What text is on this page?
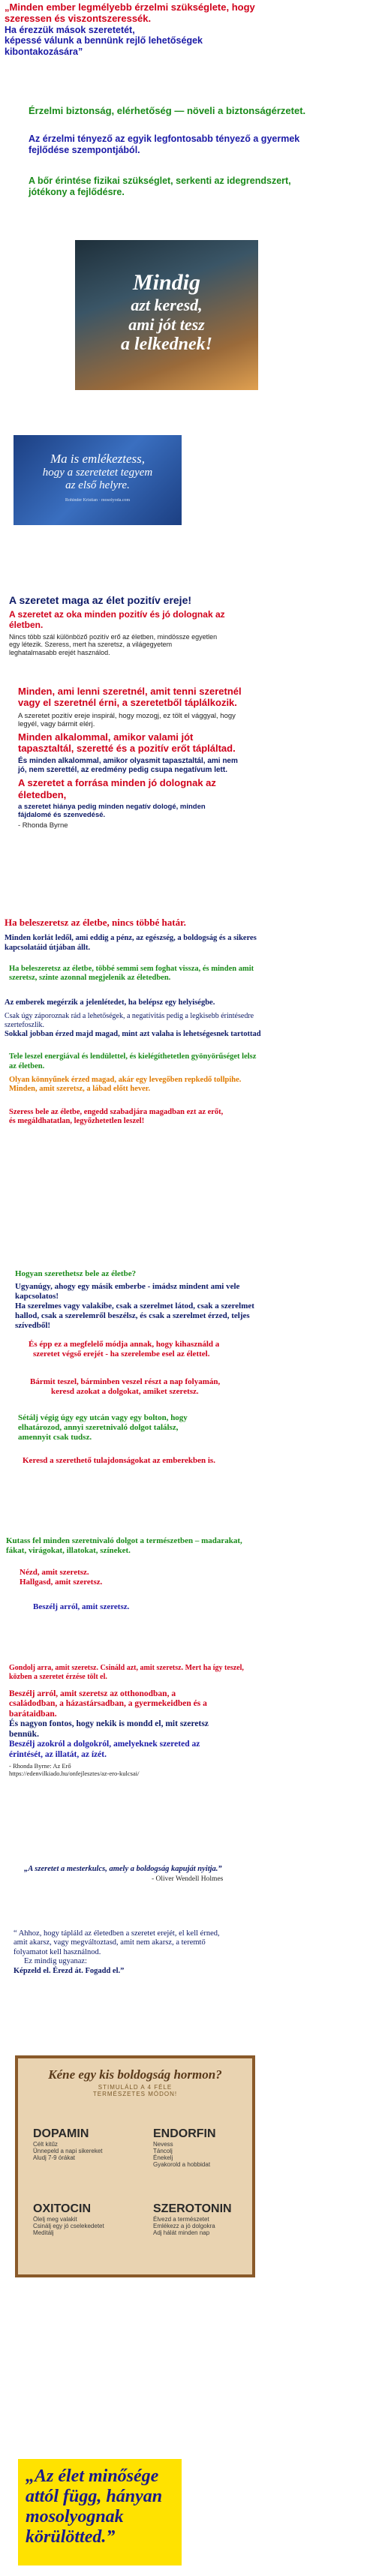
„Minden ember legmélyebb érzelmi szükséglete, hogy

szeressen és viszontszeressék.

Ha érezzük mások szeretetét,

képessé válunk a bennünk rejlő lehetőségek

kibontakozására”

Érzelmi biztonság, elérhetőség — növeli a biztonságérzetet.

Az érzelmi tényező az egyik legfontosabb tényező a gyermek

fejlődése szempontjából.

A bőr érintése fizikai szükséglet, serkenti az idegrendszert,

jótékony a fejlődésre.

Mindig
azt keresd,
ami jót tesz
a lelkednek!
Ma is emlékeztess,
hogy a szeretetet tegyem
az első helyre.
Rohinder Kristian · mosolyoda.com

A szeretet maga az élet pozitív ereje!

A szeretet az oka minden pozitív és jó dolognak az

életben.

Nincs több szál különböző pozitív erő az életben, mindössze egyetlen

egy létezik. Szeress, mert ha szeretsz, a világegyetem

leghatalmasabb erejét használod.

Minden, ami lenni szeretnél, amit tenni szeretnél

vagy el szeretnél érni, a szeretetből táplálkozik.

A szeretet pozitív ereje inspirál, hogy mozogj, ez tölt el vággyal, hogy

legyél, vagy bármit elérj.

Minden alkalommal, amikor valami jót

tapasztaltál, szeretté és a pozitív erőt tápláltad.

És minden alkalommal, amikor olyasmit tapasztaltál, ami nem

jó, nem szerettél, az eredmény pedig csupa negatívum lett.

A szeretet a forrása minden jó dolognak az

életedben,

a szeretet hiánya pedig minden negatív dologé, minden

fájdalomé és szenvedésé.

- Rhonda Byrne

Ha beleszeretsz az életbe, nincs többé határ.

Minden korlát ledől, ami eddig a pénz, az egészség, a boldogság és a sikeres

kapcsolatáid útjában állt.

Ha beleszeretsz az életbe, többé semmi sem foghat vissza, és minden amit

szeretsz, szinte azonnal megjelenik az életedben.

Az emberek megérzik a jelenlétedet, ha belépsz egy helyiségbe.

Csak úgy záporoznak rád a lehetőségek, a negatívitás pedig a legkisebb érintésedre

szertefoszlik.

Sokkal jobban érzed majd magad, mint azt valaha is lehetségesnek tartottad

Tele leszel energiával és lendülettel, és kielégíthetetlen gyönyörűséget lelsz

az életben.

Olyan könnyűnek érzed magad, akár egy levegőben repkedő tollpihe.

Minden, amit szeretsz, a lábad előtt hever.

Szeress bele az életbe, engedd szabadjára magadban ezt az erőt,

és megáldhatatlan, legyőzhetetlen leszel!

Hogyan szerethetsz bele az életbe?

Ugyanúgy, ahogy egy másik emberbe - imádsz mindent ami vele

kapcsolatos!

Ha szerelmes vagy valakibe, csak a szerelmet látod, csak a szerelmet

hallod, csak a szerelemről beszélsz, és csak a szerelmet érzed, teljes

szívedből!

És épp ez a megfelelő módja annak, hogy kihasználd a

szeretet végső erejét - ha szerelembe esel az élettel.

Bármit teszel, bárminben veszel részt a nap folyamán,

keresd azokat a dolgokat, amiket szeretsz.

Sétálj végig úgy egy utcán vagy egy bolton, hogy

elhatározod, annyi szeretnivaló dolgot találsz,

amennyit csak tudsz.

Keresd a szerethető tulajdonságokat az emberekben is.

Kutass fel minden szeretnivaló dolgot a természetben – madarakat,

fákat, virágokat, illatokat, színeket.

Nézd, amit szeretsz.

Hallgasd, amit szeretsz.

Beszélj arról, amit szeretsz.

Gondolj arra, amit szeretsz. Csináld azt, amit szeretsz. Mert ha így teszel,

közben a szeretet érzése tölt el.

Beszélj arról, amit szeretsz az otthonodban, a

családodban, a házastársadban, a gyermekeidben és a

barátaidban.

És nagyon fontos, hogy nekik is mondd el, mit szeretsz

bennük.

Beszélj azokról a dolgokról, amelyeknek szereted az

érintését, az illatát, az ízét.

- Rhonda Byrne: Az Erő

https://edenvilkiado.hu/onfejlesztes/az-ero-kulcsai/

„A szeretet a mesterkulcs, amely a boldogság kapuját nyitja.”

- Oliver Wendell Holmes

“ Ahhoz, hogy tápláld az életedben a szeretet erejét, el kell érned,

amit akarsz, vagy megváltoztasd, amit nem akarsz, a teremtő

folyamatot kell használnod.

Ez mindig ugyanaz:

Képzeld el. Érezd át. Fogadd el.”

Kéne egy kis boldogság hormon?
STIMULÁLD A 4 FÉLE
TERMÉSZETES MÓDON!
DOPAMIN
Célt kitűz
Ünnepeld a napi sikereket
Aludj 7-9 órákat
ENDORFIN
Nevess
Táncolj
Énekelj
Gyakorold a hobbidat
OXITOCIN
Ölelj meg valakit
Csinálj egy jó cselekedetet
Meditálj
SZEROTONIN
Élvezd a természetet
Emlékezz a jó dolgokra
Adj hálát minden nap
„Az élet minősége
attól függ, hányan
mosolyognak
körülötted.”
